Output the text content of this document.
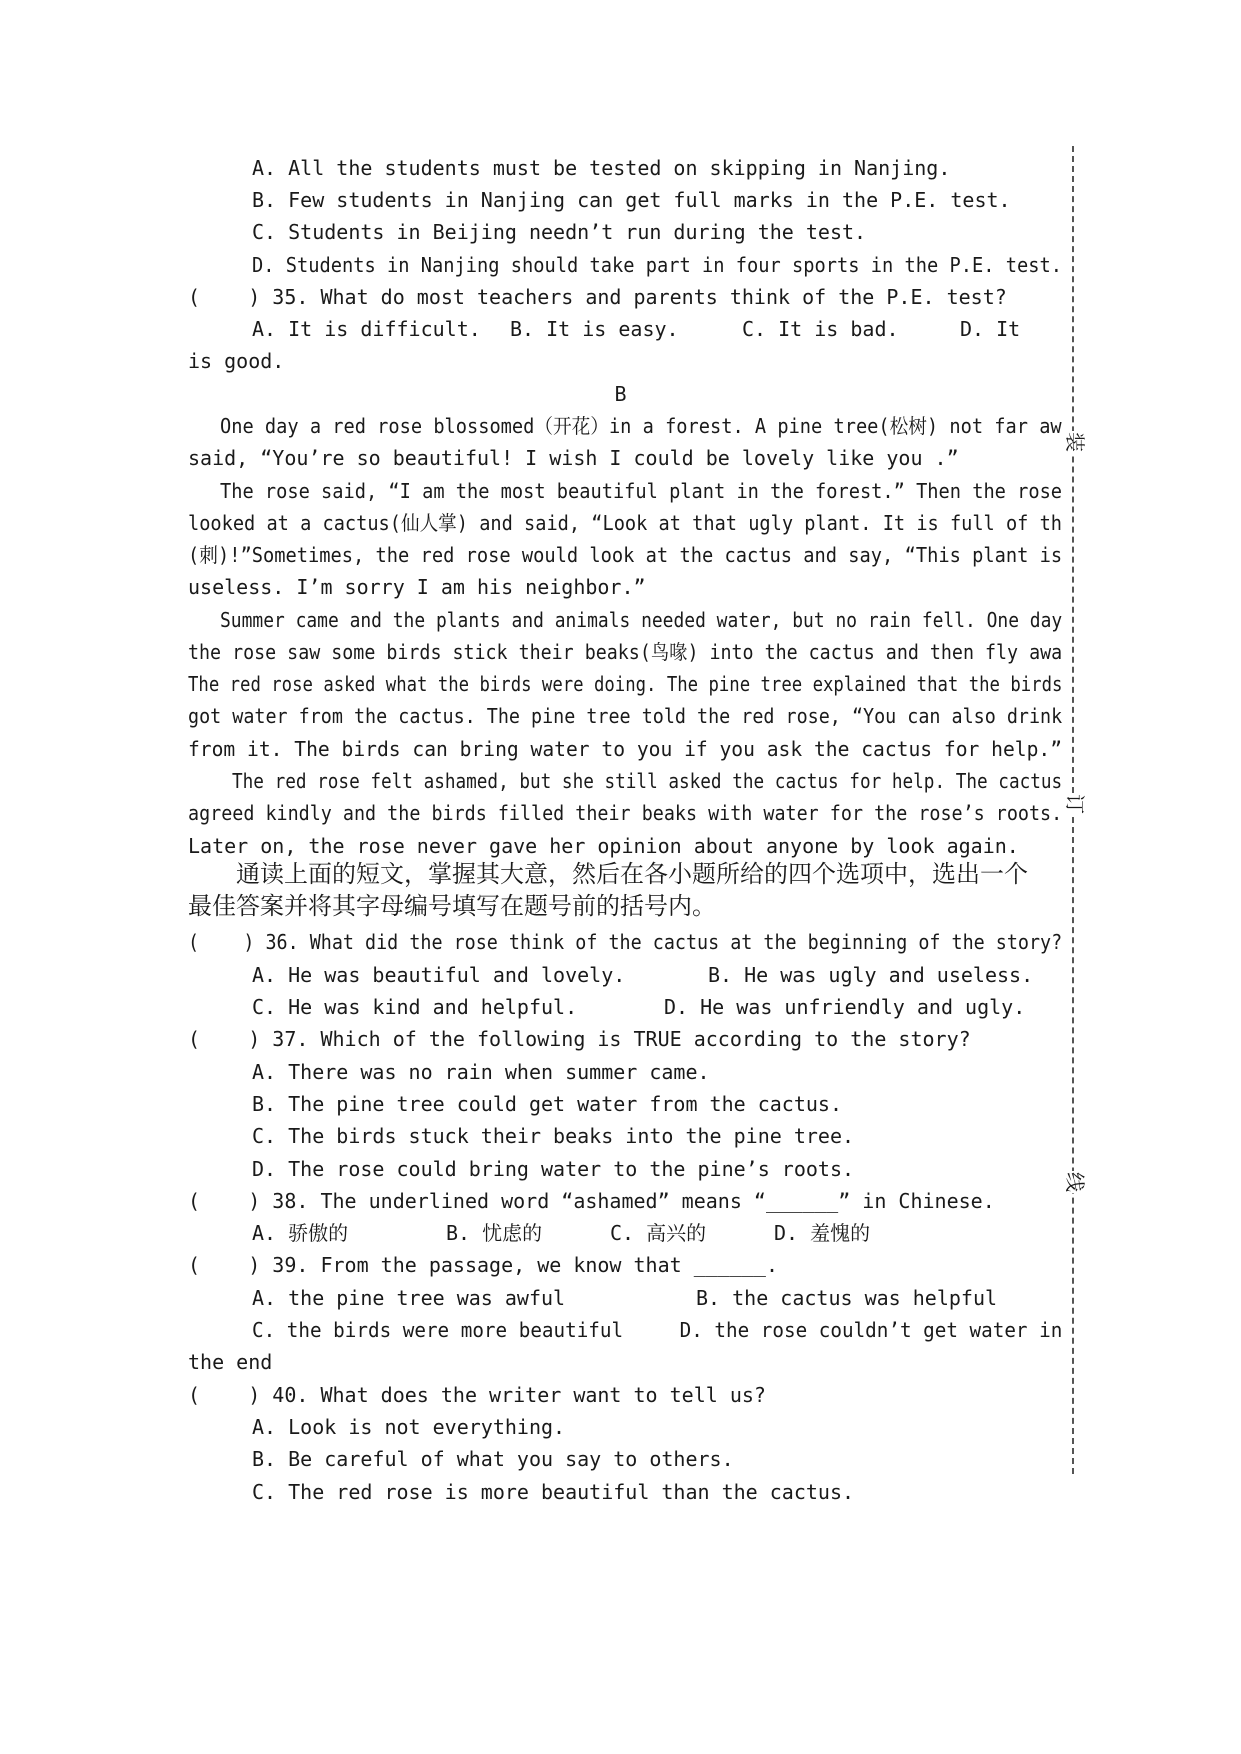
A. All the students must be tested on skipping in Nanjing.
B. Few students in Nanjing can get full marks in the P.E. test.
C. Students in Beijing needn’t run during the test.
D. Students in Nanjing should take part in four sports in the P.E. test.
(    ) 35. What do most teachers and parents think of the P.E. test?
A. It is difficult.	B. It is easy.	C. It is bad.	D. It
is good.
B
One day a red rose blossomed（开花）in a forest. A pine tree(松树) not far aw
said, “You’re so beautiful! I wish I could be lovely like you .”
The rose said, “I am the most beautiful plant in the forest.” Then the rose
looked at a cactus(仙人掌) and said, “Look at that ugly plant. It is full of th
(刺)!”Sometimes, the red rose would look at the cactus and say, “This plant is
useless. I’m sorry I am his neighbor.”
Summer came and the plants and animals needed water, but no rain fell. One day
the rose saw some birds stick their beaks(鸟喙) into the cactus and then fly awa
The red rose asked what the birds were doing. The pine tree explained that the birds
got water from the cactus. The pine tree told the red rose, “You can also drink
from it. The birds can bring water to you if you ask the cactus for help.”
The red rose felt ashamed, but she still asked the cactus for help. The cactus
agreed kindly and the birds filled their beaks with water for the rose’s roots.
Later on, the rose never gave her opinion about anyone by look again.
通读上面的短文，掌握其大意，然后在各小题所给的四个选项中，选出一个
最佳答案并将其字母编号填写在题号前的括号内。
(    ) 36. What did the rose think of the cactus at the beginning of the story?
A. He was beautiful and lovely.	B. He was ugly and useless.
C. He was kind and helpful.	D. He was unfriendly and ugly.
(    ) 37. Which of the following is TRUE according to the story?
A. There was no rain when summer came.
B. The pine tree could get water from the cactus.
C. The birds stuck their beaks into the pine tree.
D. The rose could bring water to the pine’s roots.
(    ) 38. The underlined word “ashamed” means “______” in Chinese.
A. 骄傲的	B. 忧虑的	C. 高兴的	D. 羞愧的
(    ) 39. From the passage, we know that ______.
A. the pine tree was awful	B. the cactus was helpful
C. the birds were more beautiful	D. the rose couldn’t get water in
the end
(    ) 40. What does the writer want to tell us?
A. Look is not everything.
B. Be careful of what you say to others.
C. The red rose is more beautiful than the cactus.
装
订
线
